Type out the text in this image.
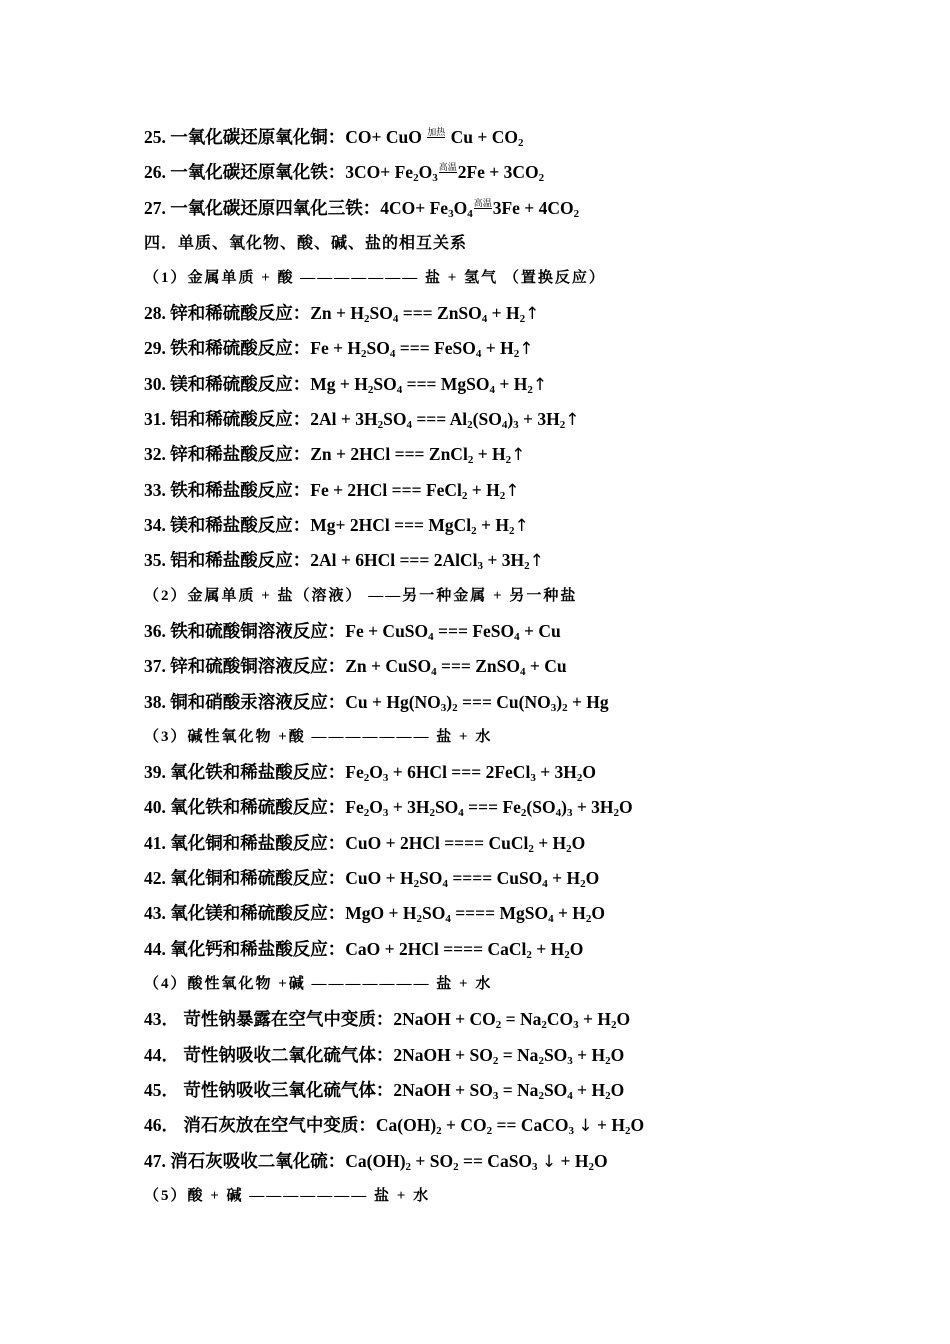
25. 一氧化碳还原氧化铜：CO+ CuO 加热 $Cu + CO_2$
26. 一氧化碳还原氧化铁：$3CO+ Fe_2O_3$高温$2Fe + 3CO_2$
27. 一氧化碳还原四氧化三铁：$4CO+ Fe_3O_4$高温$3Fe + 4CO_2$
四．单质、氧化物、酸、碱、盐的相互关系
（1）金属单质 + 酸 ——————— 盐 + 氢气 （置换反应）
28. 锌和稀硫酸反应：$Zn + H_2SO_4$ === ZnSO$_4$ + $H_2↑$
29. 铁和稀硫酸反应：$Fe + H_2SO_4$ === FeSO$_4$ + $H_2↑$
30. 镁和稀硫酸反应：$Mg + H_2SO_4$ === MgSO$_4$ + $H_2↑$
31. 铝和稀硫酸反应：$2Al + 3H_2SO_4$ === $Al_2(SO_4)_3$ + $3H_2↑$
32. 锌和稀盐酸反应：Zn + 2HCl === ZnCl$_2$ + $H_2↑$
33. 铁和稀盐酸反应：Fe + 2HCl === FeCl$_2$ + $H_2↑$
34. 镁和稀盐酸反应：Mg+ 2HCl === MgCl$_2$ + $H_2↑$
35. 铝和稀盐酸反应：2Al + 6HCl === 2AlCl$_3$ + $3H_2↑$
（2）金属单质 + 盐（溶液） ——另一种金属 + 另一种盐
36. 铁和硫酸铜溶液反应：Fe + CuSO$_4$ === FeSO$_4$ + Cu
37. 锌和硫酸铜溶液反应：Zn + CuSO$_4$ === ZnSO$_4$ + Cu
38. 铜和硝酸汞溶液反应：$Cu + Hg(NO_3)_2$ === $Cu(NO_3)_2 + Hg$
（3）碱性氧化物 +酸 ——————— 盐 + 水
39. 氧化铁和稀盐酸反应：$Fe_2O_3 + 6HCl$ === 2FeCl$_3$ + $3H_2O$
40. 氧化铁和稀硫酸反应：$Fe_2O_3 + 3H_2SO_4$ === $Fe_2(SO_4)_3 + 3H_2O$
41. 氧化铜和稀盐酸反应：CuO + 2HCl ==== CuCl$_2$ + $H_2O$
42. 氧化铜和稀硫酸反应：CuO + $H_2SO_4$ ==== CuSO$_4$ + $H_2O$
43. 氧化镁和稀硫酸反应：MgO + $H_2SO_4$ ==== MgSO$_4$ + $H_2O$
44. 氧化钙和稀盐酸反应：CaO + 2HCl ==== CaCl$_2$ + $H_2O$
（4）酸性氧化物 +碱 ——————— 盐 + 水
43． 苛性钠暴露在空气中变质：2NaOH + $CO_2 = Na_2CO_3 + H_2O$
44． 苛性钠吸收二氧化硫气体：2NaOH + $SO_2 = Na_2SO_3 + H_2O$
45． 苛性钠吸收三氧化硫气体：2NaOH + $SO_3 = Na_2SO_4 + H_2O$
46． 消石灰放在空气中变质：$Ca(OH)_2 + CO_2$ == CaCO$_3$ ↓ + $H_2O$
47. 消石灰吸收二氧化硫：$Ca(OH)_2 + SO_2$ == CaSO$_3$ ↓ + $H_2O$
（5）酸 + 碱 ——————— 盐 + 水
